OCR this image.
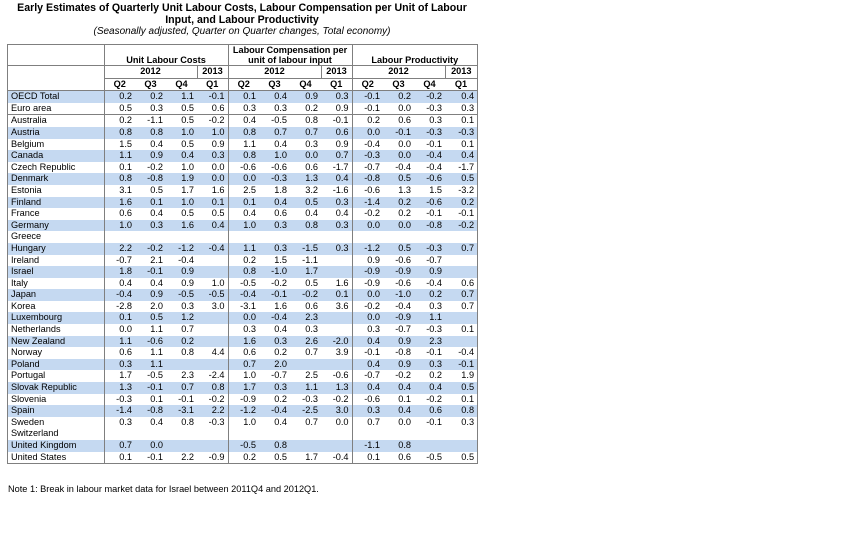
Early Estimates of Quarterly Unit Labour Costs, Labour Compensation per Unit of Labour
Input, and Labour Productivity
(Seasonally adjusted, Quarter on Quarter changes, Total economy)
	Unit Labour Costs				Labour Compensation per unit of labour input				Labour Productivity			
	2012			2013	2012			2013	2012			2013
	Q2	Q3	Q4	Q1	Q2	Q3	Q4	Q1	Q2	Q3	Q4	Q1
OECD Total	0.2	0.2	1.1	-0.1	0.1	0.4	0.9	0.3	-0.1	0.2	-0.2	0.4
Euro area	0.5	0.3	0.5	0.6	0.3	0.3	0.2	0.9	-0.1	0.0	-0.3	0.3
Australia	0.2	-1.1	0.5	-0.2	0.4	-0.5	0.8	-0.1	0.2	0.6	0.3	0.1
Austria	0.8	0.8	1.0	1.0	0.8	0.7	0.7	0.6	0.0	-0.1	-0.3	-0.3
Belgium	1.5	0.4	0.5	0.9	1.1	0.4	0.3	0.9	-0.4	0.0	-0.1	0.1
Canada	1.1	0.9	0.4	0.3	0.8	1.0	0.0	0.7	-0.3	0.0	-0.4	0.4
Czech Republic	0.1	-0.2	1.0	0.0	-0.6	-0.6	0.6	-1.7	-0.7	-0.4	-0.4	-1.7
Denmark	0.8	-0.8	1.9	0.0	0.0	-0.3	1.3	0.4	-0.8	0.5	-0.6	0.5
Estonia	3.1	0.5	1.7	1.6	2.5	1.8	3.2	-1.6	-0.6	1.3	1.5	-3.2
Finland	1.6	0.1	1.0	0.1	0.1	0.4	0.5	0.3	-1.4	0.2	-0.6	0.2
France	0.6	0.4	0.5	0.5	0.4	0.6	0.4	0.4	-0.2	0.2	-0.1	-0.1
Germany	1.0	0.3	1.6	0.4	1.0	0.3	0.8	0.3	0.0	0.0	-0.8	-0.2
Greece												
Hungary	2.2	-0.2	-1.2	-0.4	1.1	0.3	-1.5	0.3	-1.2	0.5	-0.3	0.7
Ireland	-0.7	2.1	-0.4		0.2	1.5	-1.1		0.9	-0.6	-0.7	
Israel	1.8	-0.1	0.9		0.8	-1.0	1.7		-0.9	-0.9	0.9	
Italy	0.4	0.4	0.9	1.0	-0.5	-0.2	0.5	1.6	-0.9	-0.6	-0.4	0.6
Japan	-0.4	0.9	-0.5	-0.5	-0.4	-0.1	-0.2	0.1	0.0	-1.0	0.2	0.7
Korea	-2.8	2.0	0.3	3.0	-3.1	1.6	0.6	3.6	-0.2	-0.4	0.3	0.7
Luxembourg	0.1	0.5	1.2		0.0	-0.4	2.3		0.0	-0.9	1.1	
Netherlands	0.0	1.1	0.7		0.3	0.4	0.3		0.3	-0.7	-0.3	0.1
New Zealand	1.1	-0.6	0.2		1.6	0.3	2.6	-2.0	0.4	0.9	2.3	
Norway	0.6	1.1	0.8	4.4	0.6	0.2	0.7	3.9	-0.1	-0.8	-0.1	-0.4
Poland	0.3	1.1			0.7	2.0			0.4	0.9	0.3	-0.1
Portugal	1.7	-0.5	2.3	-2.4	1.0	-0.7	2.5	-0.6	-0.7	-0.2	0.2	1.9
Slovak Republic	1.3	-0.1	0.7	0.8	1.7	0.3	1.1	1.3	0.4	0.4	0.4	0.5
Slovenia	-0.3	0.1	-0.1	-0.2	-0.9	0.2	-0.3	-0.2	-0.6	0.1	-0.2	0.1
Spain	-1.4	-0.8	-3.1	2.2	-1.2	-0.4	-2.5	3.0	0.3	0.4	0.6	0.8
Sweden	0.3	0.4	0.8	-0.3	1.0	0.4	0.7	0.0	0.7	0.0	-0.1	0.3
Switzerland												
United Kingdom	0.7	0.0			-0.5	0.8			-1.1	0.8		
United States	0.1	-0.1	2.2	-0.9	0.2	0.5	1.7	-0.4	0.1	0.6	-0.5	0.5
Note 1: Break in labour market data for Israel between 2011Q4 and 2012Q1.
